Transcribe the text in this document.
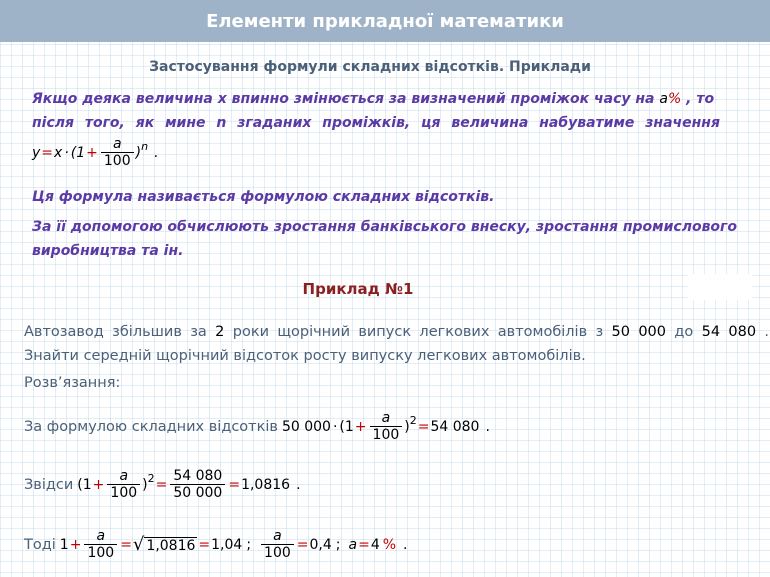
Елементи прикладної математики
Застосування формули складних відсотків. Приклади
Якщо деяка величина x впинно змінюється за визначений проміжок часу на a% , то
після того, як мине n згаданих проміжків, ця величина набуватиме значення
$y = x \cdot (1 + \frac{a}{100} )^n$ .
Ця формула називається формулою складних відсотків.
За її допомогою обчислюють зростання банківського внеску, зростання промислового виробництва та ін.
Приклад №1
Автозавод збільшив за 2 роки щорічний випуск легкових автомобілів з 50 000 до 54 080 . Знайти середній щорічний відсоток росту випуску легкових автомобілів.
Розв’язання:
За формулою складних відсотків 50 $000 \cdot (1 + \frac{a}{100} )^2 = 54$ 080 .
Звідси $(1 + \frac{a}{100} )^2 = \frac{54 080}{50 000} = 1,0816$ .
Тоді $1 + \frac{a}{100}$ = √ 1,0816 = 1,04 ; $\frac{a}{100} = 0,4$ ; a = 4 % .
